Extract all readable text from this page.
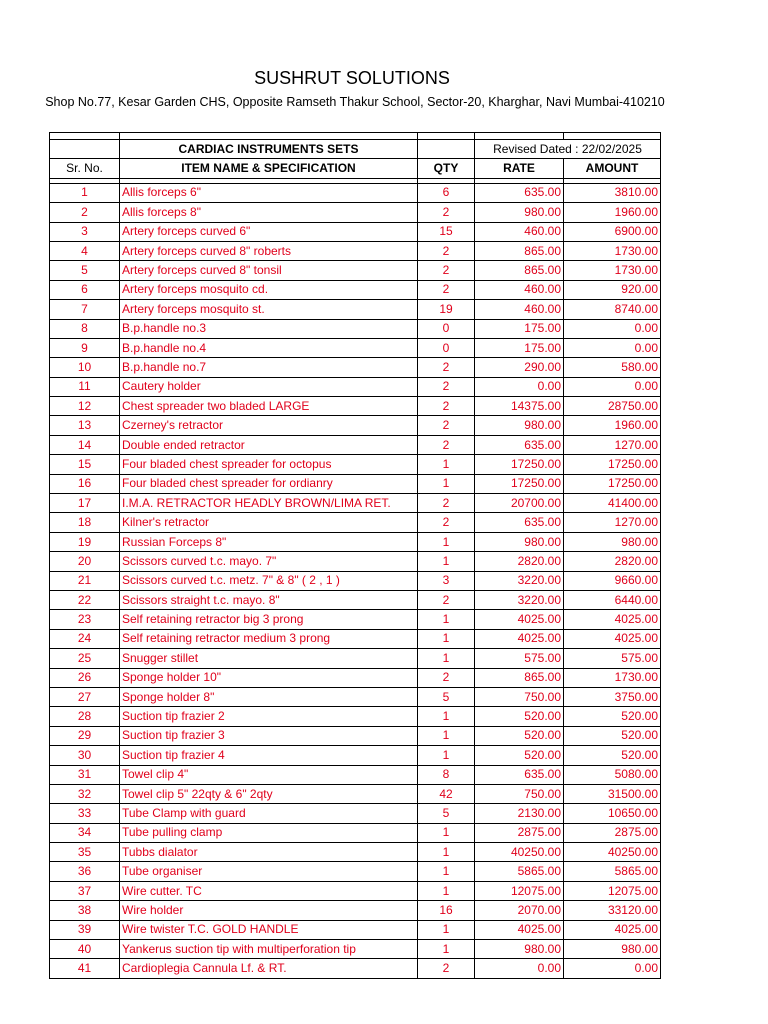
SUSHRUT SOLUTIONS
Shop No.77, Kesar Garden CHS, Opposite Ramseth Thakur School, Sector-20, Kharghar, Navi Mumbai-410210

	CARDIAC INSTRUMENTS SETS		Revised Dated : 22/02/2025	
Sr. No.	ITEM NAME & SPECIFICATION	QTY	RATE	AMOUNT

1	Allis forceps 6"	6	635.00	3810.00
2	Allis forceps 8"	2	980.00	1960.00
3	Artery forceps curved 6"	15	460.00	6900.00
4	Artery forceps curved 8" roberts	2	865.00	1730.00
5	Artery forceps curved 8" tonsil	2	865.00	1730.00
6	Artery forceps mosquito cd.	2	460.00	920.00
7	Artery forceps mosquito st.	19	460.00	8740.00
8	B.p.handle no.3	0	175.00	0.00
9	B.p.handle no.4	0	175.00	0.00
10	B.p.handle no.7	2	290.00	580.00
11	Cautery holder	2	0.00	0.00
12	Chest spreader two bladed LARGE	2	14375.00	28750.00
13	Czerney's retractor	2	980.00	1960.00
14	Double ended retractor	2	635.00	1270.00
15	Four bladed chest spreader for octopus	1	17250.00	17250.00
16	Four bladed chest spreader for ordianry	1	17250.00	17250.00
17	I.M.A. RETRACTOR HEADLY BROWN/LIMA RET.	2	20700.00	41400.00
18	Kilner's retractor	2	635.00	1270.00
19	Russian Forceps 8"	1	980.00	980.00
20	Scissors curved t.c. mayo. 7"	1	2820.00	2820.00
21	Scissors curved t.c. metz. 7" & 8" ( 2 , 1 )	3	3220.00	9660.00
22	Scissors straight t.c. mayo. 8"	2	3220.00	6440.00
23	Self retaining retractor big 3 prong	1	4025.00	4025.00
24	Self retaining retractor medium 3 prong	1	4025.00	4025.00
25	Snugger stillet	1	575.00	575.00
26	Sponge holder 10"	2	865.00	1730.00
27	Sponge holder 8"	5	750.00	3750.00
28	Suction tip frazier 2	1	520.00	520.00
29	Suction tip frazier 3	1	520.00	520.00
30	Suction tip frazier 4	1	520.00	520.00
31	Towel clip 4"	8	635.00	5080.00
32	Towel clip 5" 22qty & 6" 2qty	42	750.00	31500.00
33	Tube Clamp with guard	5	2130.00	10650.00
34	Tube pulling clamp	1	2875.00	2875.00
35	Tubbs dialator	1	40250.00	40250.00
36	Tube organiser	1	5865.00	5865.00
37	Wire cutter. TC	1	12075.00	12075.00
38	Wire holder	16	2070.00	33120.00
39	Wire twister T.C. GOLD HANDLE	1	4025.00	4025.00
40	Yankerus suction tip with multiperforation tip	1	980.00	980.00
41	Cardioplegia Cannula Lf. & RT.	2	0.00	0.00
